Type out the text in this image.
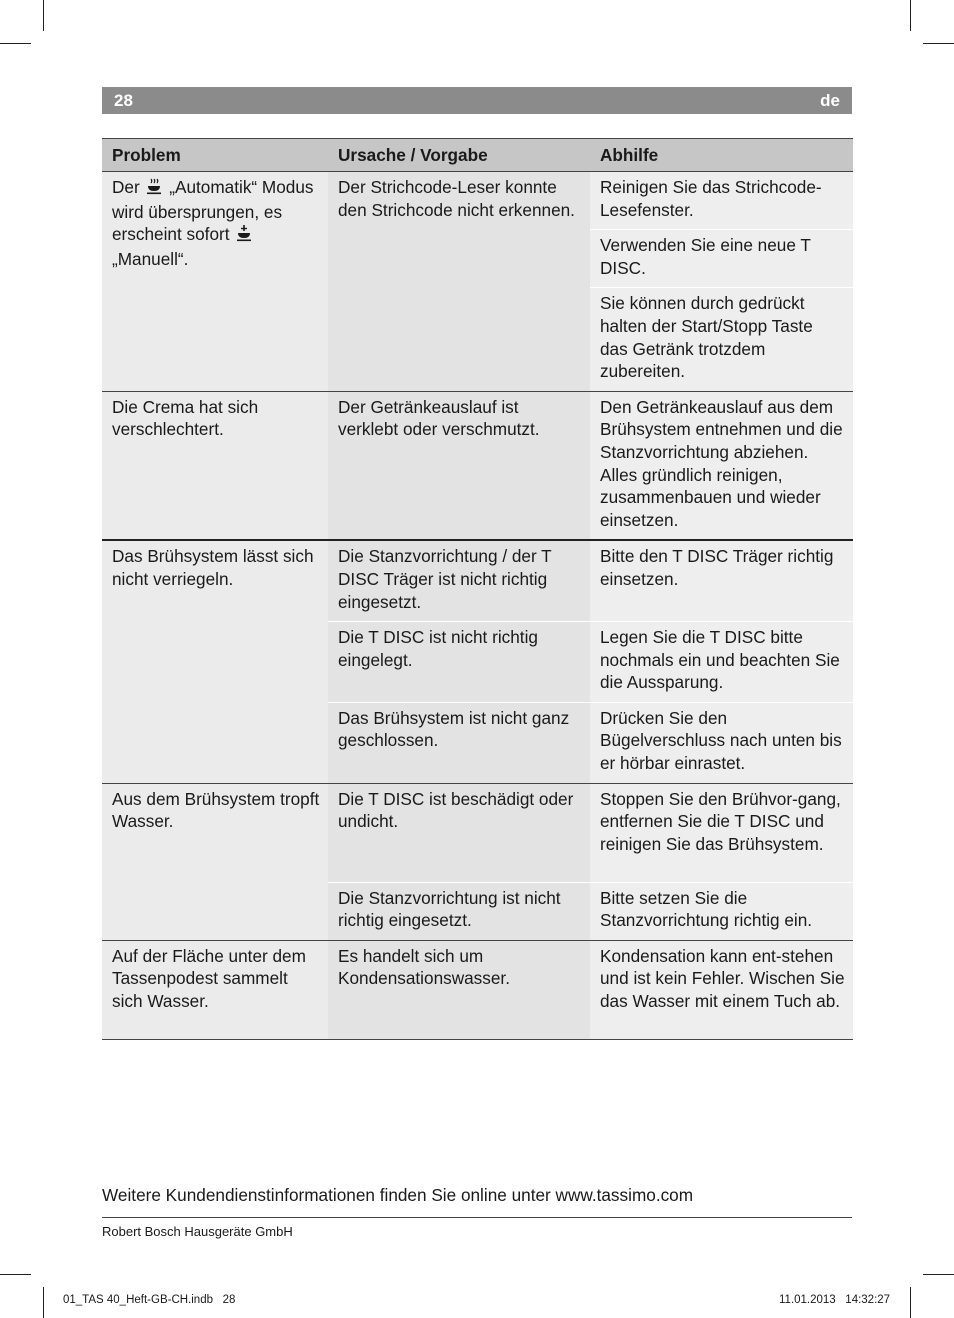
28	de
Problem	Ursache / Vorgabe	Abhilfe
Der „Automatik“ Modus wird übersprungen, es erscheint sofort  „Manuell“.	Der Strichcode-Leser konnte den Strichcode nicht erkennen.	Reinigen Sie das Strichcode-Lesefenster.
		Verwenden Sie eine neue T DISC.
		Sie können durch gedrückt halten der Start/Stopp Taste das Getränk trotzdem zubereiten.
Die Crema hat sich verschlechtert.	Der Getränkeauslauf ist verklebt oder verschmutzt.	Den Getränkeauslauf aus dem Brühsystem entnehmen und die Stanzvorrichtung abziehen. Alles gründlich reinigen, zusammenbauen und wieder einsetzen.
Das Brühsystem lässt sich nicht verriegeln.	Die Stanzvorrichtung / der T DISC Träger ist nicht richtig eingesetzt.	Bitte den T DISC Träger richtig einsetzen.
	Die T DISC ist nicht richtig eingelegt.	Legen Sie die T DISC bitte nochmals ein und beachten Sie die Aussparung.
	Das Brühsystem ist nicht ganz geschlossen.	Drücken Sie den Bügelverschluss nach unten bis er hörbar einrastet.
Aus dem Brühsystem tropft Wasser.	Die T DISC ist beschädigt oder undicht.	Stoppen Sie den Brühvor-gang, entfernen Sie die T DISC und reinigen Sie das Brühsystem.
	Die Stanzvorrichtung ist nicht richtig eingesetzt.	Bitte setzen Sie die Stanzvorrichtung richtig ein.
Auf der Fläche unter dem Tassenpodest sammelt sich Wasser.	Es handelt sich um Kondensationswasser.	Kondensation kann ent-stehen und ist kein Fehler. Wischen Sie das Wasser mit einem Tuch ab.
Weitere Kundendienstinformationen finden Sie online unter www.tassimo.com
Robert Bosch Hausgeräte GmbH
01_TAS 40_Heft-GB-CH.indb 28	11.01.2013 14:32:27
